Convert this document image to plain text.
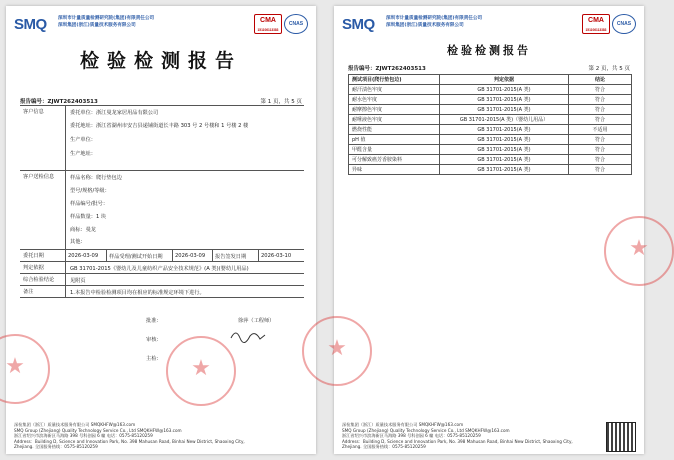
SMQ 深圳市计量质量检测研究院(集团)有限责任公司
深圳集团(浙江)质量技术服务有限公司
CMA
151106113383
CNAS
检验检测报告
报告编号：ZJWT262403513	第 1 页，共 5 页
客户信息	委托单位：浙江曼龙家居用品有限公司
委托地址：浙江省湖州市安吉县递铺街道长丰路 303 号 2 号楼和 1 号楼 2 楼
生产单位：
生产地址：
客户送检信息	样品名称：爬行垫包边
型号/规格/等级：
样品编号/批号：
样品数量：1 块
商标：曼龙
其他：
委托日期	2026-03-09	样品受理/测试开始日期	2026-03-09	报告签发日期	2026-03-10
判定依据	GB 31701-2015《婴幼儿及儿童纺织产品安全技术规范》(A 类)(婴幼儿用品)
综合检验结论	见附页
备注	1.本报告中检验检测项目均在相应的标准规定环境下进行。
批准：	徐萍（工程师）
审核：
主检：
★	★
深检集团（浙江）质量技术服务有限公司 SMQKHFW@163.com
SMQ Group (Zhejiang) Quality Technology Service Co., Ltd SMQKHFW@163.com
浙江省绍兴市滨海新区马海路 398 号科创园 6 幢 电话：0575-85120259
Address：Building D, Science and Innovation Park, No. 398 Mahusan Road, Binhai New District, Shaoxing City,
Zhejiang. 全国服务热线：0575-85120259
SMQ 深圳市计量质量检测研究院(集团)有限责任公司
深圳集团(浙江)质量技术服务有限公司
CMA
151106113383
CNAS
检验检测报告
报告编号：ZJWT262403513	第 2 页，共 5 页
测试项目(爬行垫包边)	判定依据	结论
耐汗渍色牢度	GB 31701-2015(A 类)	符合
耐水色牢度	GB 31701-2015(A 类)	符合
耐摩擦色牢度	GB 31701-2015(A 类)	符合
耐唾液色牢度	GB 31701-2015(A 类)（婴幼儿用品）	符合
燃烧性能	GB 31701-2015(A 类)	不适用
pH 值	GB 31701-2015(A 类)	符合
甲醛含量	GB 31701-2015(A 类)	符合
可分解致癌芳香胺染料	GB 31701-2015(A 类)	符合
异味	GB 31701-2015(A 类)	符合
★
★
深检集团（浙江）质量技术服务有限公司 SMQKHFW@163.com
SMQ Group (Zhejiang) Quality Technology Service Co., Ltd SMQKHFW@163.com
浙江省绍兴市滨海新区马海路 398 号科创园 6 幢 电话：0575-85120259
Address：Building D, Science and Innovation Park, No. 398 Mahusan Road, Binhai New District, Shaoxing City,
Zhejiang. 全国服务热线：0575-85120259
